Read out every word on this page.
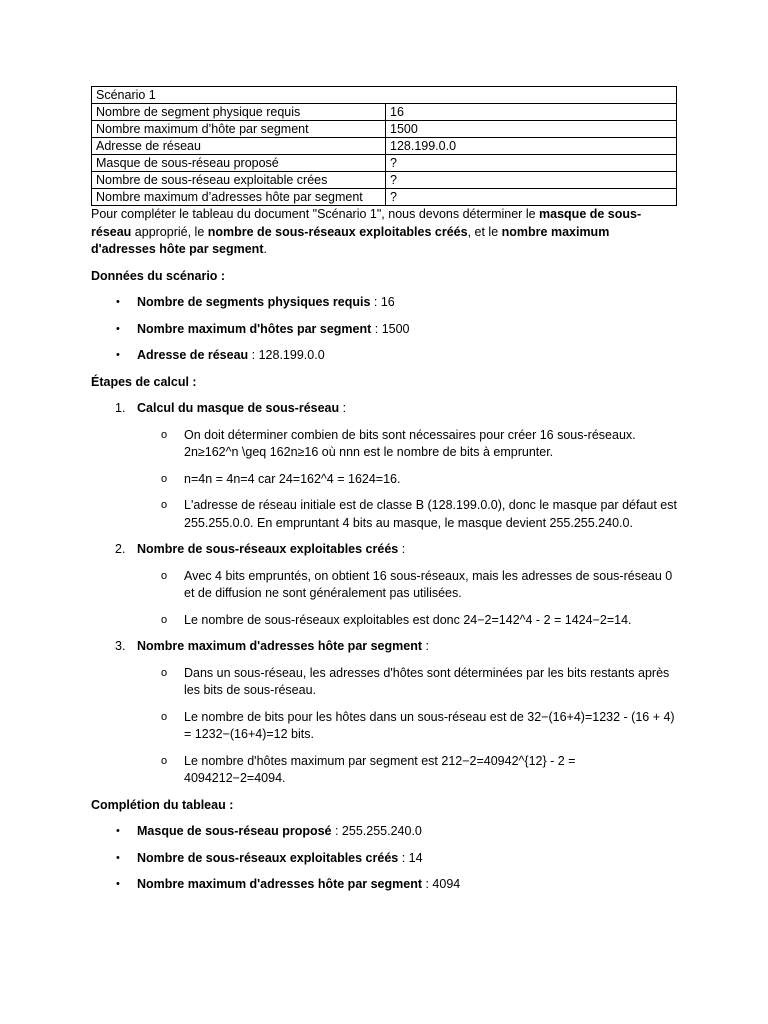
Scénario 1	
Nombre de segment physique requis	16
Nombre maximum d’hôte par segment	1500
Adresse de réseau	128.199.0.0
Masque de sous-réseau proposé	?
Nombre de sous-réseau exploitable crées	?
Nombre maximum d’adresses hôte par segment	?

Pour compléter le tableau du document "Scénario 1", nous devons déterminer le masque de sous-réseau approprié, le nombre de sous-réseaux exploitables créés, et le nombre maximum d'adresses hôte par segment.

Données du scénario :
• Nombre de segments physiques requis : 16
• Nombre maximum d'hôtes par segment : 1500
• Adresse de réseau : 128.199.0.0
Étapes de calcul :
1. Calcul du masque de sous-réseau :
o On doit déterminer combien de bits sont nécessaires pour créer 16 sous-réseaux. 2n≥162^n \geq 162n≥16 où nnn est le nombre de bits à emprunter.
o n=4n = 4n=4 car 24=162^4 = 1624=16.
o L'adresse de réseau initiale est de classe B (128.199.0.0), donc le masque par défaut est 255.255.0.0. En empruntant 4 bits au masque, le masque devient 255.255.240.0.
2. Nombre de sous-réseaux exploitables créés :
o Avec 4 bits empruntés, on obtient 16 sous-réseaux, mais les adresses de sous-réseau 0 et de diffusion ne sont généralement pas utilisées.
o Le nombre de sous-réseaux exploitables est donc 24−2=142^4 - 2 = 1424−2=14.
3. Nombre maximum d'adresses hôte par segment :
o Dans un sous-réseau, les adresses d'hôtes sont déterminées par les bits restants après les bits de sous-réseau.
o Le nombre de bits pour les hôtes dans un sous-réseau est de 32−(16+4)=1232 - (16 + 4) = 1232−(16+4)=12 bits.
o Le nombre d'hôtes maximum par segment est 212−2=40942^{12} - 2 = 4094212−2=4094.
Complétion du tableau :
• Masque de sous-réseau proposé : 255.255.240.0
• Nombre de sous-réseaux exploitables créés : 14
• Nombre maximum d'adresses hôte par segment : 4094
